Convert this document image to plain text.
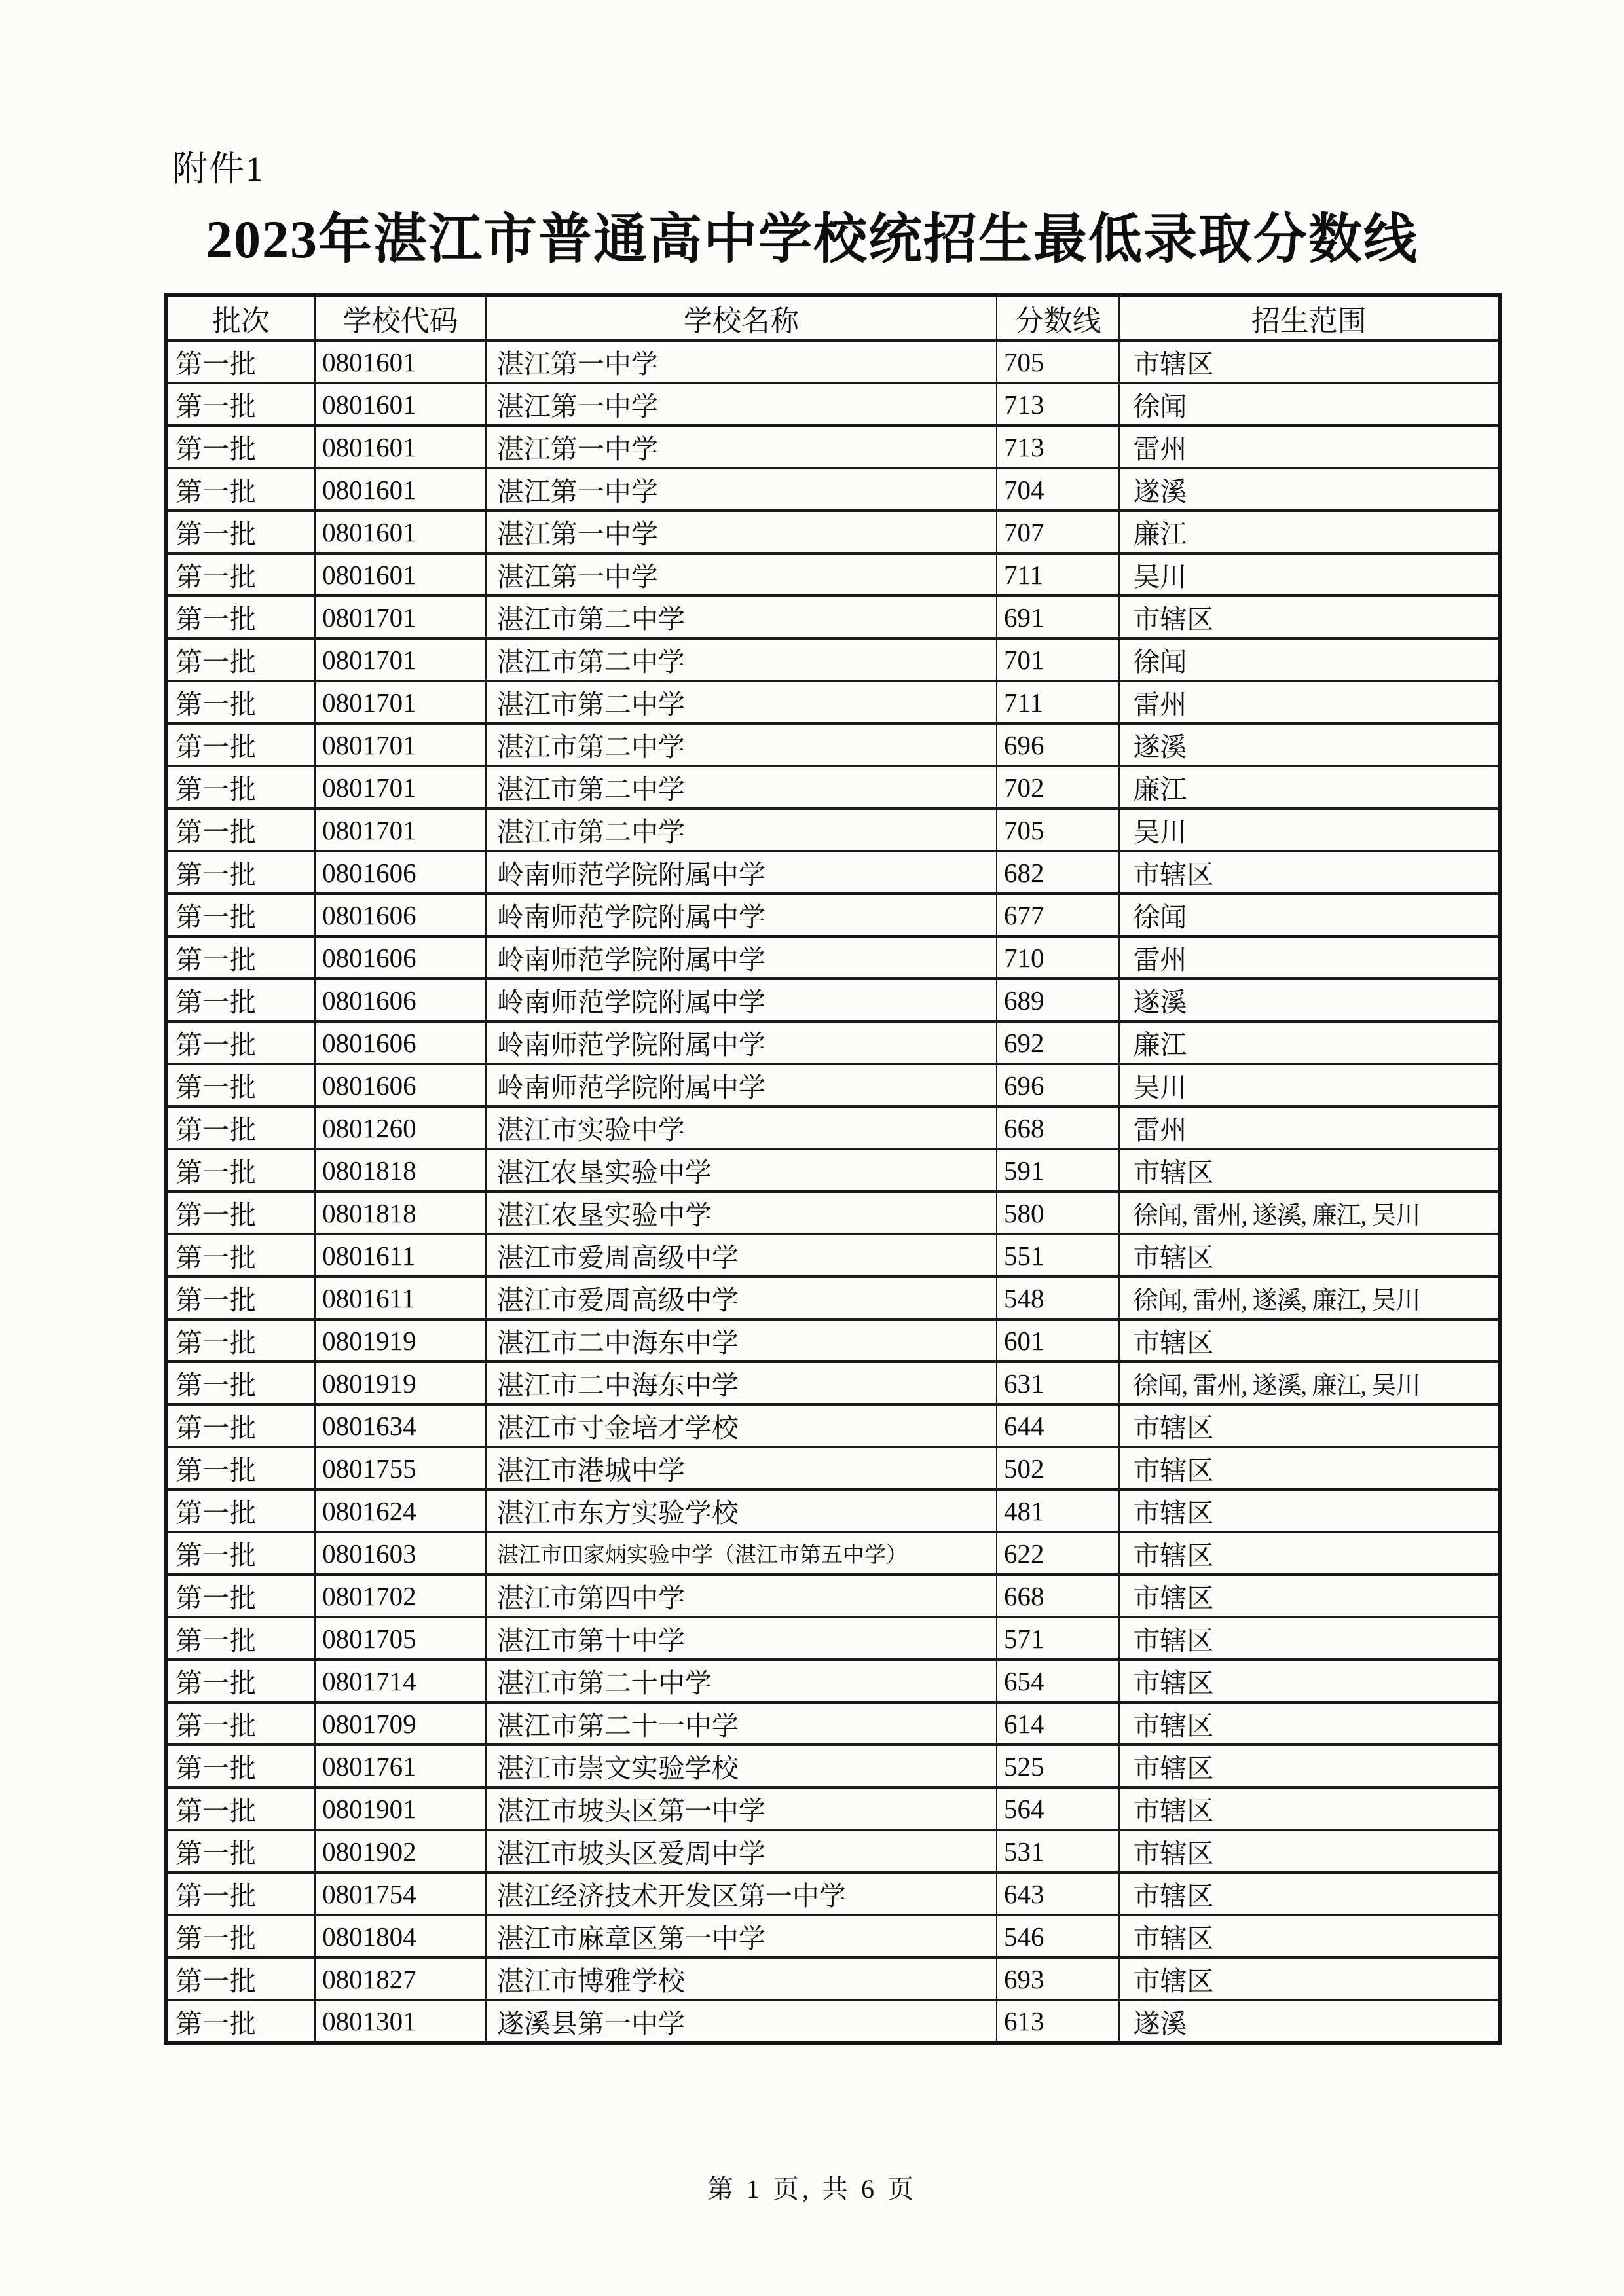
附件1
2023年湛江市普通高中学校统招生最低录取分数线
批次	学校代码	学校名称	分数线	招生范围
第一批	0801601	湛江第一中学	705	市辖区
第一批	0801601	湛江第一中学	713	徐闻
第一批	0801601	湛江第一中学	713	雷州
第一批	0801601	湛江第一中学	704	遂溪
第一批	0801601	湛江第一中学	707	廉江
第一批	0801601	湛江第一中学	711	吴川
第一批	0801701	湛江市第二中学	691	市辖区
第一批	0801701	湛江市第二中学	701	徐闻
第一批	0801701	湛江市第二中学	711	雷州
第一批	0801701	湛江市第二中学	696	遂溪
第一批	0801701	湛江市第二中学	702	廉江
第一批	0801701	湛江市第二中学	705	吴川
第一批	0801606	岭南师范学院附属中学	682	市辖区
第一批	0801606	岭南师范学院附属中学	677	徐闻
第一批	0801606	岭南师范学院附属中学	710	雷州
第一批	0801606	岭南师范学院附属中学	689	遂溪
第一批	0801606	岭南师范学院附属中学	692	廉江
第一批	0801606	岭南师范学院附属中学	696	吴川
第一批	0801260	湛江市实验中学	668	雷州
第一批	0801818	湛江农垦实验中学	591	市辖区
第一批	0801818	湛江农垦实验中学	580	徐闻, 雷州, 遂溪, 廉江, 吴川
第一批	0801611	湛江市爱周高级中学	551	市辖区
第一批	0801611	湛江市爱周高级中学	548	徐闻, 雷州, 遂溪, 廉江, 吴川
第一批	0801919	湛江市二中海东中学	601	市辖区
第一批	0801919	湛江市二中海东中学	631	徐闻, 雷州, 遂溪, 廉江, 吴川
第一批	0801634	湛江市寸金培才学校	644	市辖区
第一批	0801755	湛江市港城中学	502	市辖区
第一批	0801624	湛江市东方实验学校	481	市辖区
第一批	0801603	湛江市田家炳实验中学（湛江市第五中学）	622	市辖区
第一批	0801702	湛江市第四中学	668	市辖区
第一批	0801705	湛江市第十中学	571	市辖区
第一批	0801714	湛江市第二十中学	654	市辖区
第一批	0801709	湛江市第二十一中学	614	市辖区
第一批	0801761	湛江市崇文实验学校	525	市辖区
第一批	0801901	湛江市坡头区第一中学	564	市辖区
第一批	0801902	湛江市坡头区爱周中学	531	市辖区
第一批	0801754	湛江经济技术开发区第一中学	643	市辖区
第一批	0801804	湛江市麻章区第一中学	546	市辖区
第一批	0801827	湛江市博雅学校	693	市辖区
第一批	0801301	遂溪县第一中学	613	遂溪
第 1 页, 共 6 页
